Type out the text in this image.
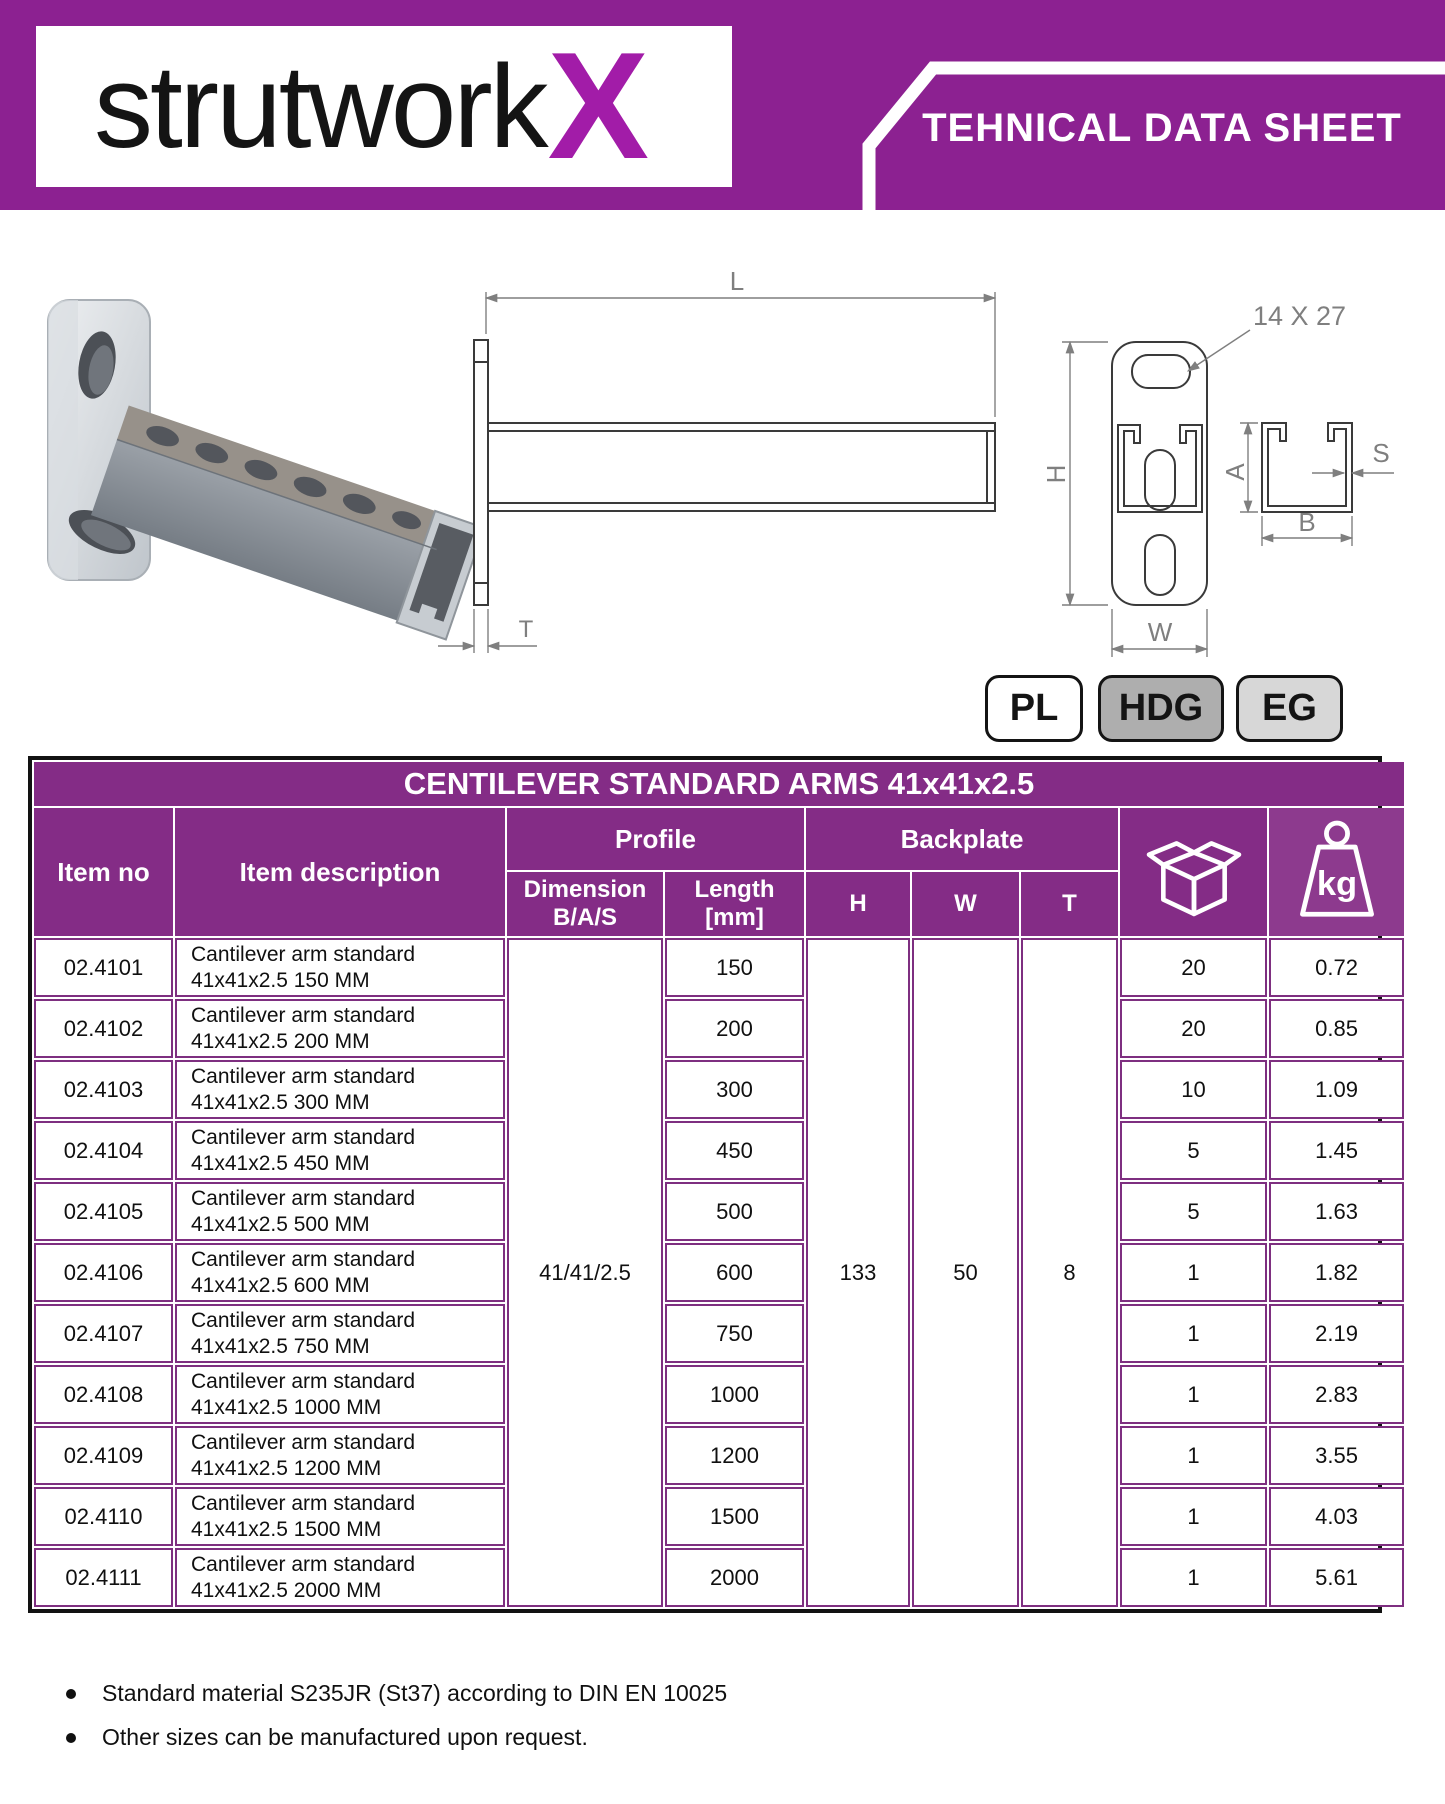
strutwork X	TEHNICAL DATA SHEET
L
T
H
W
14 X 27
A
B
S
PL	HDG	EG
CENTILEVER STANDARD ARMS 41x41x2.5								
Item no	Item description	Profile		Backplate				kg

Dimension
B/A/S

Length
[mm]
	H	W	T
02.4101	Cantilever arm standard
41x41x2.5 150 MM	41/41/2.5	150	133	50	8	20	0.72
02.4102	Cantilever arm standard
41x41x2.5 200 MM		200				20	0.85
02.4103	Cantilever arm standard
41x41x2.5 300 MM		300				10	1.09
02.4104	Cantilever arm standard
41x41x2.5 450 MM		450				5	1.45
02.4105	Cantilever arm standard
41x41x2.5 500 MM		500				5	1.63
02.4106	Cantilever arm standard
41x41x2.5 600 MM		600				1	1.82
02.4107	Cantilever arm standard
41x41x2.5 750 MM		750				1	2.19
02.4108	Cantilever arm standard
41x41x2.5 1000 MM		1000				1	2.83
02.4109	Cantilever arm standard
41x41x2.5 1200 MM		1200				1	3.55
02.4110	Cantilever arm standard
41x41x2.5 1500 MM		1500				1	4.03
02.4111	Cantilever arm standard
41x41x2.5 2000 MM		2000				1	5.61
Standard material S235JR (St37) according to DIN EN 10025
Other sizes can be manufactured upon request.
